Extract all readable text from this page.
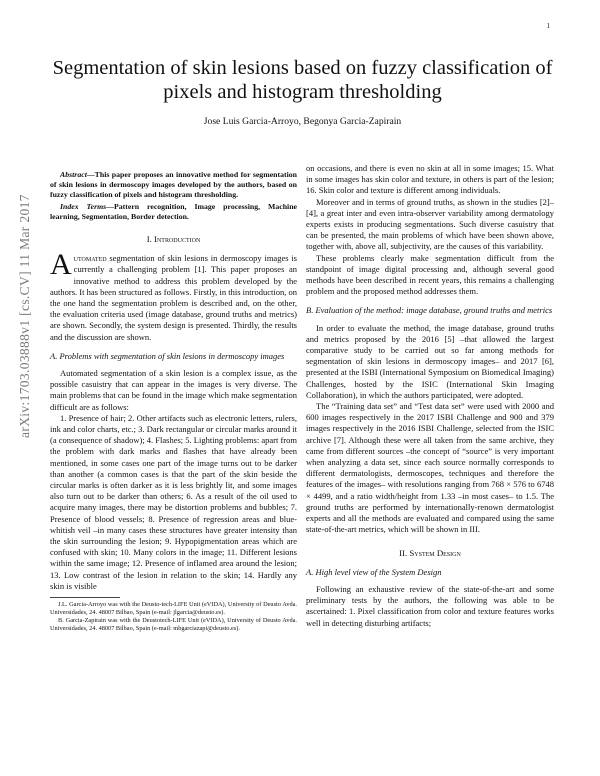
1
arXiv:1703.03888v1 [cs.CV] 11 Mar 2017
Segmentation of skin lesions based on fuzzy classification of pixels and histogram thresholding
Jose Luis Garcia-Arroyo, Begonya Garcia-Zapirain

Abstract—This paper proposes an innovative method for segmentation of skin lesions in dermoscopy images developed by the authors, based on fuzzy classification of pixels and histogram thresholding.

Index Terms—Pattern recognition, Image processing, Machine learning, Segmentation, Border detection.

I. Introduction

Automated segmentation of skin lesions in dermoscopy images is currently a challenging problem [1]. This paper proposes an innovative method to address this problem developed by the authors. It has been structured as follows. Firstly, in this introduction, on the one hand the segmentation problem is described and, on the other, the evaluation criteria used (image database, ground truths and metrics) are shown. Secondly, the system design is presented. Thirdly, the results and the discussion are shown.

A. Problems with segmentation of skin lesions in dermoscopy images

Automated segmentation of a skin lesion is a complex issue, as the possible casuistry that can appear in the images is very diverse. The main problems that can be found in the image which make segmentation difficult are as follows:

1. Presence of hair; 2. Other artifacts such as electronic letters, rulers, ink and color charts, etc.; 3. Dark rectangular or circular marks around it (a consequence of shadow); 4. Flashes; 5. Lighting problems: apart from the problem with dark marks and flashes that have already been mentioned, in some cases one part of the image turns out to be darker than another (a common cases is that the part of the skin beside the circular marks is often darker as it is less brightly lit, and some images also turn out to be darker than others; 6. As a result of the oil used to acquire many images, there may be distortion problems and bubbles; 7. Presence of blood vessels; 8. Presence of regression areas and blue-whitish veil –in many cases these structures have greater intensity than the skin surrounding the lesion; 9. Hypopigmentation areas which are confused with skin; 10. Many colors in the image; 11. Different lesions within the same image; 12. Presence of inflamed area around the lesion; 13. Low contrast of the lesion in relation to the skin; 14. Hardly any skin is visible

J.L. Garcia-Arroyo was with the Deusto-tech-LIFE Unit (eVIDA), University of Deusto Avda. Universidades, 24. 48007 Bilbao, Spain (e-mail: jlgarcia@deusto.es).

B. Garcia-Zapirain was with the Deustotech-LIFE Unit (eVIDA), University of Deusto Avda. Universidades, 24. 48007 Bilbao, Spain (e-mail: mbgarciazapi@deusto.es).

on occasions, and there is even no skin at all in some images; 15. What in some images has skin color and texture, in others is part of the lesion; 16. Skin color and texture is different among individuals.

Moreover and in terms of ground truths, as shown in the studies [2]–[4], a great inter and even intra-observer variability among dermatology experts exists in producing segmentations. Such diverse casuistry that can be presented, the main problems of which have been shown above, together with, above all, subjectivity, are the causes of this variability.

These problems clearly make segmentation difficult from the standpoint of image digital processing and, although several good methods have been described in recent years, this remains a challenging problem and the proposed method addresses them.

B. Evaluation of the method: image database, ground truths and metrics

In order to evaluate the method, the image database, ground truths and metrics proposed by the 2016 [5] –that allowed the largest comparative study to be carried out so far among methods for segmentation of skin lesions in dermoscopy images– and 2017 [6], presented at the ISBI (International Symposium on Biomedical Imaging) Challenges, hosted by the ISIC (International Skin Imaging Collaboration), in which the authors participated, were adopted.

The “Training data set” and “Test data set” were used with 2000 and 600 images respectively in the 2017 ISBI Challenge and 900 and 379 images respectively in the 2016 ISBI Challenge, selected from the ISIC archive [7]. Although these were all taken from the same archive, they came from different sources –the concept of “source” is very important when analyzing a data set, since each source normally corresponds to different dermatologists, dermoscopes, techniques and therefore the features of the images– with resolutions ranging from 768 × 576 to 6748 × 4499, and a ratio width/height from 1.33 –in most cases– to 1.5. The ground truths are performed by internationally-renown dermatologist experts and all the methods are evaluated and compared using the same state-of-the-art metrics, which will be shown in III.

II. System Design
A. High level view of the System Design

Following an exhaustive review of the state-of-the-art and some preliminary tests by the authors, the following was able to be ascertained: 1. Pixel classification from color and texture features works well in detecting disturbing artifacts;
